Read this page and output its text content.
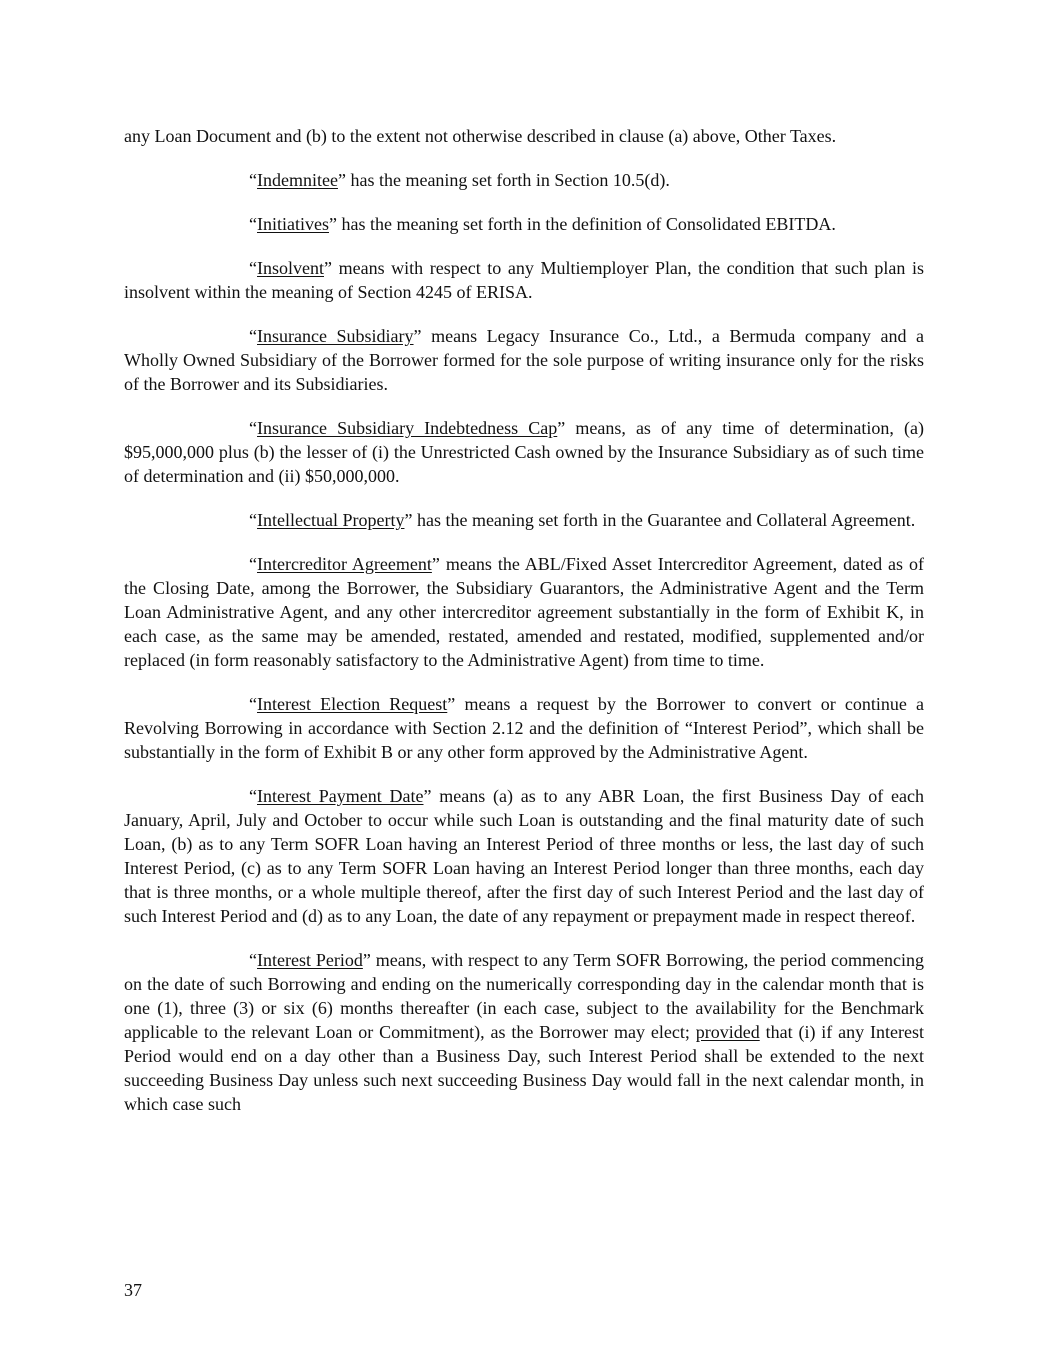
any Loan Document and (b) to the extent not otherwise described in clause (a) above, Other Taxes.

“Indemnitee” has the meaning set forth in Section 10.5(d).

“Initiatives” has the meaning set forth in the definition of Consolidated EBITDA.

“Insolvent” means with respect to any Multiemployer Plan, the condition that such plan is insolvent within the meaning of Section 4245 of ERISA.

“Insurance Subsidiary” means Legacy Insurance Co., Ltd., a Bermuda company and a Wholly Owned Subsidiary of the Borrower formed for the sole purpose of writing insurance only for the risks of the Borrower and its Subsidiaries.

“Insurance Subsidiary Indebtedness Cap” means, as of any time of determination, (a) $95,000,000 plus (b) the lesser of (i) the Unrestricted Cash owned by the Insurance Subsidiary as of such time of determination and (ii) $50,000,000.

“Intellectual Property” has the meaning set forth in the Guarantee and Collateral Agreement.

“Intercreditor Agreement” means the ABL/Fixed Asset Intercreditor Agreement, dated as of the Closing Date, among the Borrower, the Subsidiary Guarantors, the Administrative Agent and the Term Loan Administrative Agent, and any other intercreditor agreement substantially in the form of Exhibit K, in each case, as the same may be amended, restated, amended and restated, modified, supplemented and/or replaced (in form reasonably satisfactory to the Administrative Agent) from time to time.

“Interest Election Request” means a request by the Borrower to convert or continue a Revolving Borrowing in accordance with Section 2.12 and the definition of “Interest Period”, which shall be substantially in the form of Exhibit B or any other form approved by the Administrative Agent.

“Interest Payment Date” means (a) as to any ABR Loan, the first Business Day of each January, April, July and October to occur while such Loan is outstanding and the final maturity date of such Loan, (b) as to any Term SOFR Loan having an Interest Period of three months or less, the last day of such Interest Period, (c) as to any Term SOFR Loan having an Interest Period longer than three months, each day that is three months, or a whole multiple thereof, after the first day of such Interest Period and the last day of such Interest Period and (d) as to any Loan, the date of any repayment or prepayment made in respect thereof.

“Interest Period” means, with respect to any Term SOFR Borrowing, the period commencing on the date of such Borrowing and ending on the numerically corresponding day in the calendar month that is one (1), three (3) or six (6) months thereafter (in each case, subject to the availability for the Benchmark applicable to the relevant Loan or Commitment), as the Borrower may elect; provided that (i) if any Interest Period would end on a day other than a Business Day, such Interest Period shall be extended to the next succeeding Business Day unless such next succeeding Business Day would fall in the next calendar month, in which case such

37
